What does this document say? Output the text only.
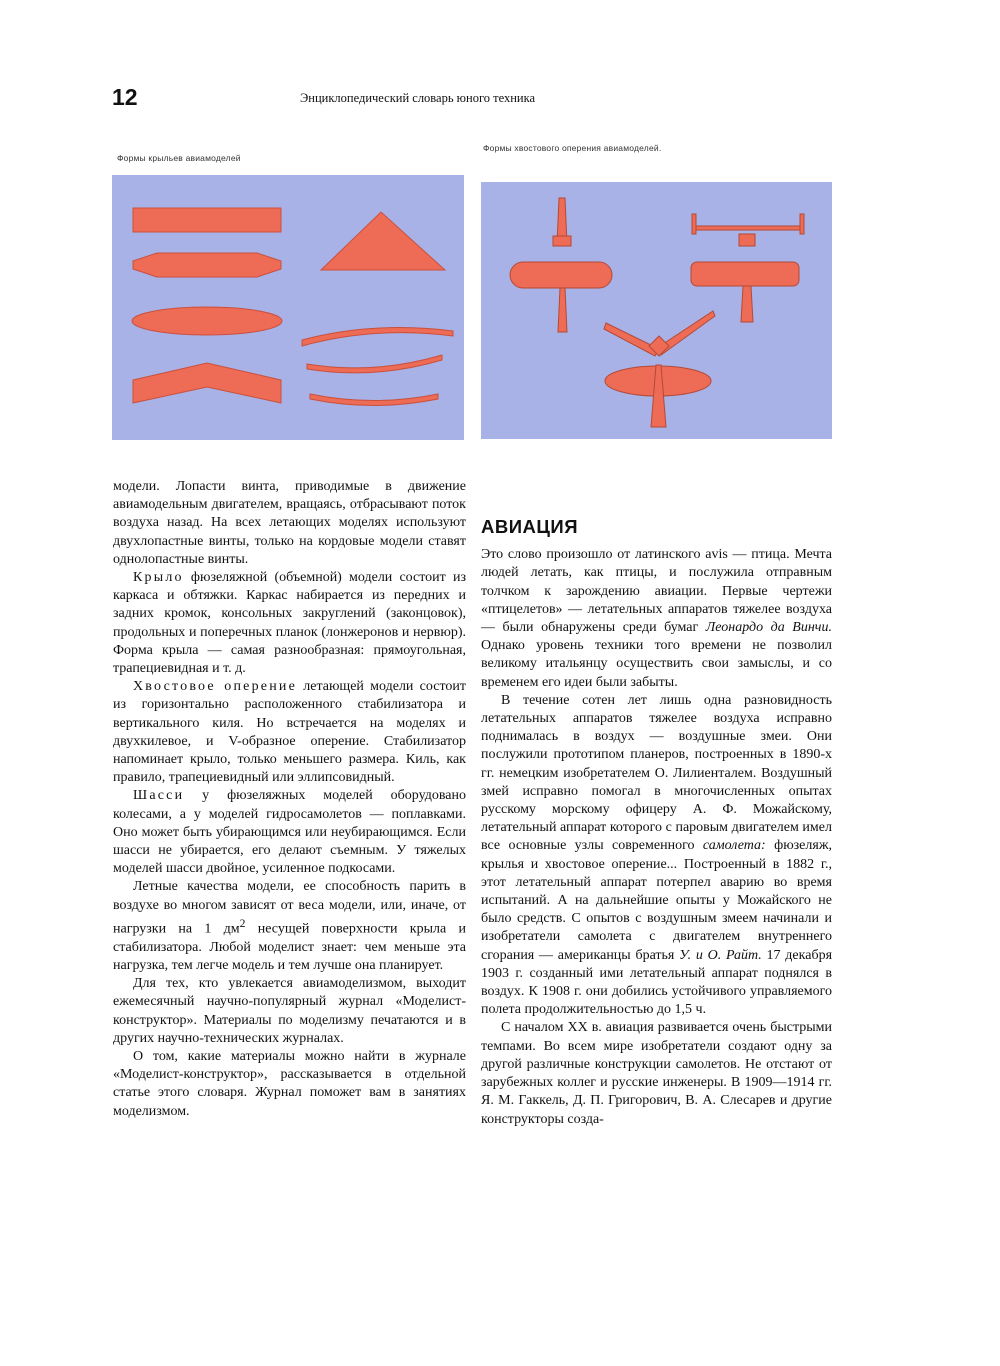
12	Энциклопедический словарь юного техника
Формы крыльев авиамоделей
Формы хвостового оперения авиамоделей.

модели. Лопасти винта, приводимые в движение авиамодельным двигателем, вращаясь, отбрасывают поток воздуха назад. На всех летающих моделях используют двухлопастные винты, только на кордовые модели ставят однолопастные винты.

Крыло фюзеляжной (объемной) модели состоит из каркаса и обтяжки. Каркас набирается из передних и задних кромок, консольных закруглений (законцовок), продольных и поперечных планок (лонжеронов и нервюр). Форма крыла — самая разнообразная: прямоугольная, трапециевидная и т. д.

Хвостовое оперение летающей модели состоит из горизонтально расположенного стабилизатора и вертикального киля. Но встречается на моделях и двухкилевое, и V-образное оперение. Стабилизатор напоминает крыло, только меньшего размера. Киль, как правило, трапециевидный или эллипсовидный.

Шасси у фюзеляжных моделей оборудовано колесами, а у моделей гидросамолетов — поплавками. Оно может быть убирающимся или неубирающимся. Если шасси не убирается, его делают съемным. У тяжелых моделей шасси двойное, усиленное подкосами.

Летные качества модели, ее способность парить в воздухе во многом зависят от веса модели, или, иначе, от нагрузки на 1 $дм^2$ несущей поверхности крыла и стабилизатора. Любой моделист знает: чем меньше эта нагрузка, тем легче модель и тем лучше она планирует.

Для тех, кто увлекается авиамоделизмом, выходит ежемесячный научно-популярный журнал «Моделист-конструктор». Материалы по моделизму печатаются и в других научно-технических журналах.

О том, какие материалы можно найти в журнале «Моделист-конструктор», рассказывается в отдельной статье этого словаря. Журнал поможет вам в занятиях моделизмом.

АВИАЦИЯ

Это слово произошло от латинского avis — птица. Мечта людей летать, как птицы, и послужила отправным толчком к зарождению авиации. Первые чертежи «птицелетов» — летательных аппаратов тяжелее воздуха — были обнаружены среди бумаг Леонардо да Винчи. Однако уровень техники того времени не позволил великому итальянцу осуществить свои замыслы, и со временем его идеи были забыты.

В течение сотен лет лишь одна разновидность летательных аппаратов тяжелее воздуха исправно поднималась в воздух — воздушные змеи. Они послужили прототипом планеров, построенных в 1890-х гг. немецким изобретателем О. Лилиенталем. Воздушный змей исправно помогал в многочисленных опытах русскому морскому офицеру А. Ф. Можайскому, летательный аппарат которого с паровым двигателем имел все основные узлы современного самолета: фюзеляж, крылья и хвостовое оперение... Построенный в 1882 г., этот летательный аппарат потерпел аварию во время испытаний. А на дальнейшие опыты у Можайского не было средств. С опытов с воздушным змеем начинали и изобретатели самолета с двигателем внутреннего сгорания — американцы братья У. и О. Райт. 17 декабря 1903 г. созданный ими летательный аппарат поднялся в воздух. К 1908 г. они добились устойчивого управляемого полета продолжительностью до 1,5 ч.

С началом XX в. авиация развивается очень быстрыми темпами. Во всем мире изобретатели создают одну за другой различные конструкции самолетов. Не отстают от зарубежных коллег и русские инженеры. В 1909—1914 гг. Я. М. Гаккель, Д. П. Григорович, В. А. Слесарев и другие конструкторы созда-
